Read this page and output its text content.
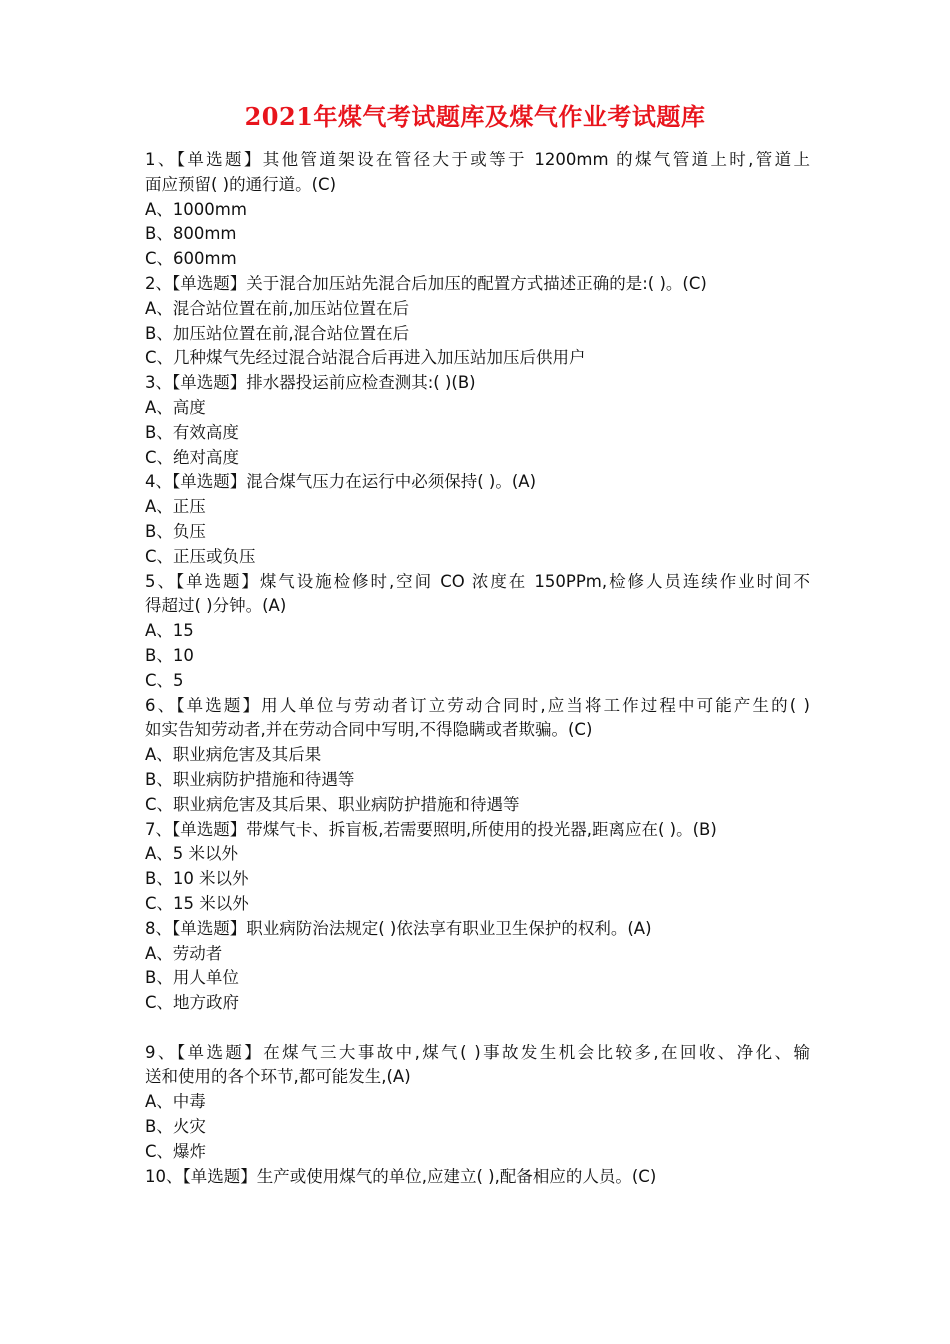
2021年煤气考试题库及煤气作业考试题库
1、【单选题】其他管道架设在管径大于或等于 1200mm 的煤气管道上时,管道上
面应预留( )的通行道。(C)
A、1000mm
B、800mm
C、600mm
2、【单选题】关于混合加压站先混合后加压的配置方式描述正确的是:( )。(C)
A、混合站位置在前,加压站位置在后
B、加压站位置在前,混合站位置在后
C、几种煤气先经过混合站混合后再进入加压站加压后供用户
3、【单选题】排水器投运前应检查测其:( )(B)
A、高度
B、有效高度
C、绝对高度
4、【单选题】混合煤气压力在运行中必须保持( )。(A)
A、正压
B、负压
C、正压或负压
5、【单选题】煤气设施检修时,空间 CO 浓度在 150PPm,检修人员连续作业时间不
得超过( )分钟。(A)
A、15
B、10
C、5
6、【单选题】用人单位与劳动者订立劳动合同时,应当将工作过程中可能产生的( )
如实告知劳动者,并在劳动合同中写明,不得隐瞒或者欺骗。(C)
A、职业病危害及其后果
B、职业病防护措施和待遇等
C、职业病危害及其后果、职业病防护措施和待遇等
7、【单选题】带煤气卡、拆盲板,若需要照明,所使用的投光器,距离应在( )。(B)
A、5 米以外
B、10 米以外
C、15 米以外
8、【单选题】职业病防治法规定( )依法享有职业卫生保护的权利。(A)
A、劳动者
B、用人单位
C、地方政府
9、【单选题】在煤气三大事故中,煤气( )事故发生机会比较多,在回收、净化、输
送和使用的各个环节,都可能发生,(A)
A、中毒
B、火灾
C、爆炸
10、【单选题】生产或使用煤气的单位,应建立( ),配备相应的人员。(C)
